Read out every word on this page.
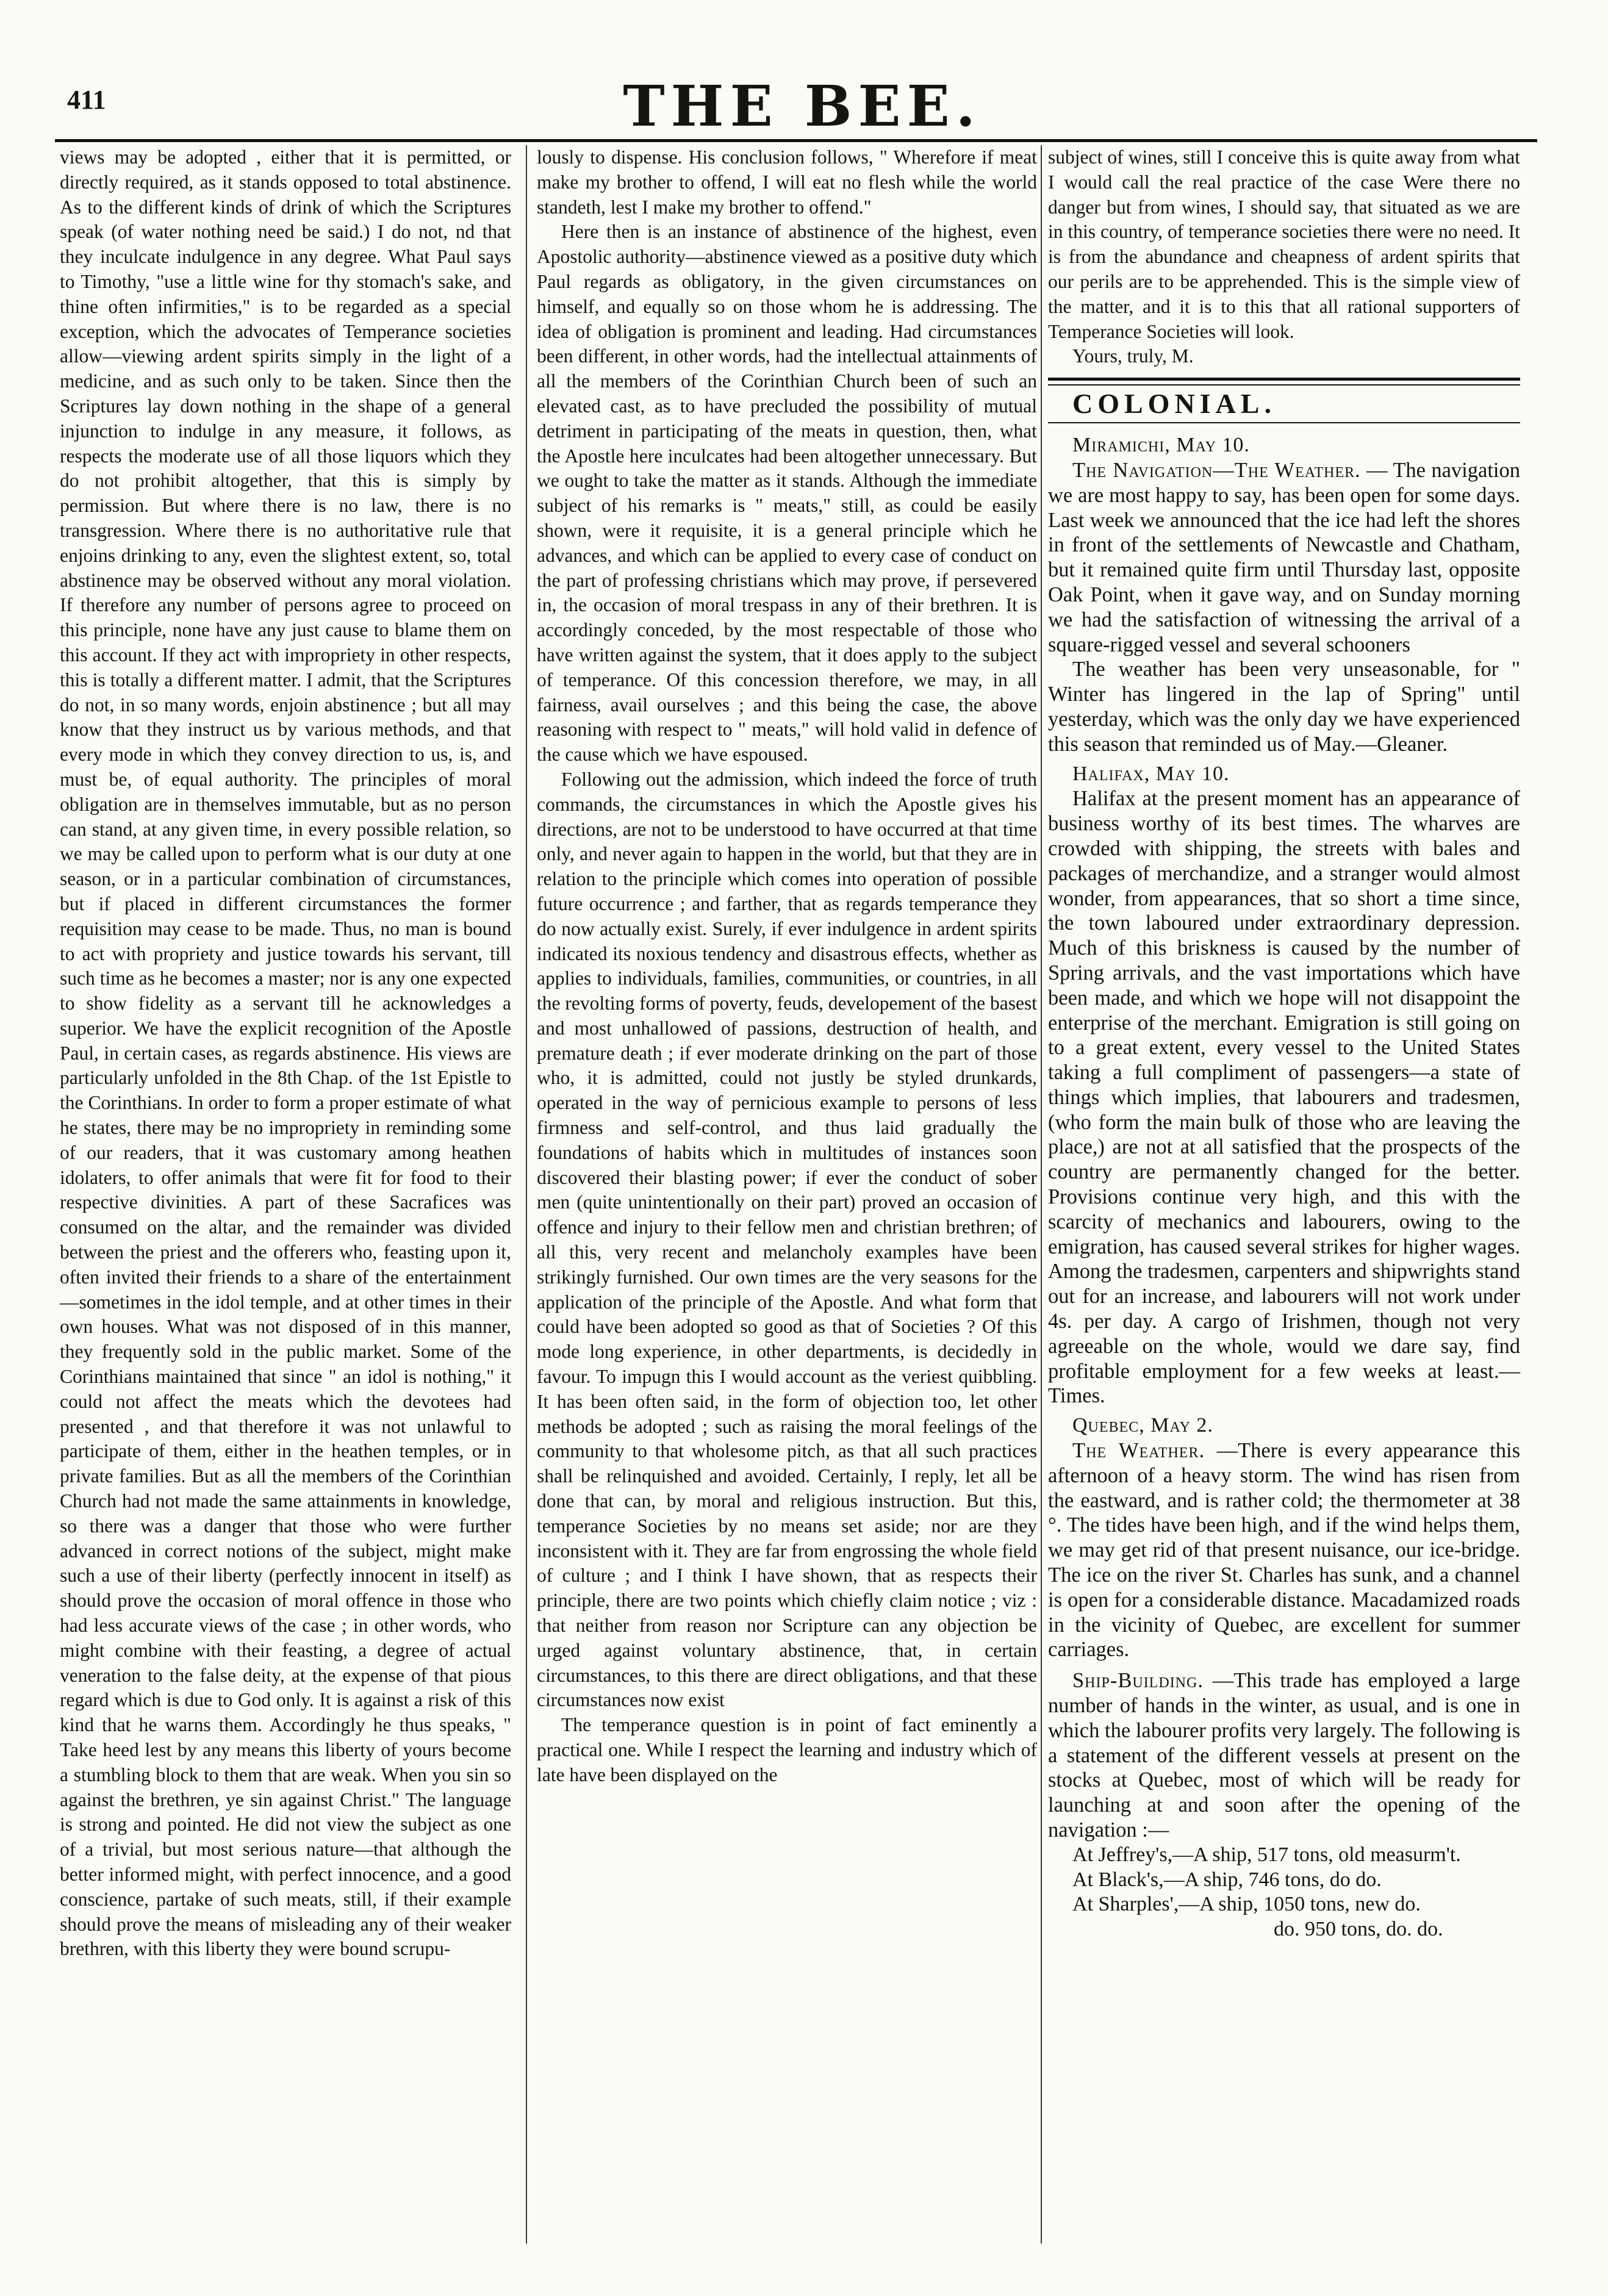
411	THE BEE.

views may be adopted , either that it is permitted, or directly required, as it stands opposed to total abstinence. As to the different kinds of drink of which the Scriptures speak (of water nothing need be said.) I do not, nd that they inculcate indulgence in any degree. What Paul says to Timothy, "use a little wine for thy stomach's sake, and thine often infirmities," is to be regarded as a special exception, which the advocates of Temperance societies allow—viewing ardent spirits simply in the light of a medicine, and as such only to be taken. Since then the Scriptures lay down nothing in the shape of a general injunction to indulge in any measure, it follows, as respects the moderate use of all those liquors which they do not prohibit altogether, that this is simply by permission. But where there is no law, there is no transgression. Where there is no authoritative rule that enjoins drinking to any, even the slightest extent, so, total abstinence may be observed without any moral violation. If therefore any number of persons agree to proceed on this principle, none have any just cause to blame them on this account. If they act with impropriety in other respects, this is totally a different matter. I admit, that the Scriptures do not, in so many words, enjoin abstinence ; but all may know that they instruct us by various methods, and that every mode in which they convey direction to us, is, and must be, of equal authority. The principles of moral obligation are in themselves immutable, but as no person can stand, at any given time, in every possible relation, so we may be called upon to perform what is our duty at one season, or in a particular combination of circumstances, but if placed in different circumstances the former requisition may cease to be made. Thus, no man is bound to act with propriety and justice towards his servant, till such time as he becomes a master; nor is any one expected to show fidelity as a servant till he acknowledges a superior. We have the explicit recognition of the Apostle Paul, in certain cases, as regards abstinence. His views are particularly unfolded in the 8th Chap. of the 1st Epistle to the Corinthians. In order to form a proper estimate of what he states, there may be no impropriety in reminding some of our readers, that it was customary among heathen idolaters, to offer animals that were fit for food to their respective divinities. A part of these Sacrafices was consumed on the altar, and the remainder was divided between the priest and the offerers who, feasting upon it, often invited their friends to a share of the entertainment—sometimes in the idol temple, and at other times in their own houses. What was not disposed of in this manner, they frequently sold in the public market. Some of the Corinthians maintained that since " an idol is nothing," it could not affect the meats which the devotees had presented , and that therefore it was not unlawful to participate of them, either in the heathen temples, or in private families. But as all the members of the Corinthian Church had not made the same attainments in knowledge, so there was a danger that those who were further advanced in correct notions of the subject, might make such a use of their liberty (perfectly innocent in itself) as should prove the occasion of moral offence in those who had less accurate views of the case ; in other words, who might combine with their feasting, a degree of actual veneration to the false deity, at the expense of that pious regard which is due to God only. It is against a risk of this kind that he warns them. Accordingly he thus speaks, " Take heed lest by any means this liberty of yours become a stumbling block to them that are weak. When you sin so against the brethren, ye sin against Christ." The language is strong and pointed. He did not view the subject as one of a trivial, but most serious nature—that although the better informed might, with perfect innocence, and a good conscience, partake of such meats, still, if their example should prove the means of misleading any of their weaker brethren, with this liberty they were bound scrupu-

lously to dispense. His conclusion follows, " Wherefore if meat make my brother to offend, I will eat no flesh while the world standeth, lest I make my brother to offend."

Here then is an instance of abstinence of the highest, even Apostolic authority—abstinence viewed as a positive duty which Paul regards as obligatory, in the given circumstances on himself, and equally so on those whom he is addressing. The idea of obligation is prominent and leading. Had circumstances been different, in other words, had the intellectual attainments of all the members of the Corinthian Church been of such an elevated cast, as to have precluded the possibility of mutual detriment in participating of the meats in question, then, what the Apostle here inculcates had been altogether unnecessary. But we ought to take the matter as it stands. Although the immediate subject of his remarks is " meats," still, as could be easily shown, were it requisite, it is a general principle which he advances, and which can be applied to every case of conduct on the part of professing christians which may prove, if persevered in, the occasion of moral trespass in any of their brethren. It is accordingly conceded, by the most respectable of those who have written against the system, that it does apply to the subject of temperance. Of this concession therefore, we may, in all fairness, avail ourselves ; and this being the case, the above reasoning with respect to " meats," will hold valid in defence of the cause which we have espoused.

Following out the admission, which indeed the force of truth commands, the circumstances in which the Apostle gives his directions, are not to be understood to have occurred at that time only, and never again to happen in the world, but that they are in relation to the principle which comes into operation of possible future occurrence ; and farther, that as regards temperance they do now actually exist. Surely, if ever indulgence in ardent spirits indicated its noxious tendency and disastrous effects, whether as applies to individuals, families, communities, or countries, in all the revolting forms of poverty, feuds, developement of the basest and most unhallowed of passions, destruction of health, and premature death ; if ever moderate drinking on the part of those who, it is admitted, could not justly be styled drunkards, operated in the way of pernicious example to persons of less firmness and self-control, and thus laid gradually the foundations of habits which in multitudes of instances soon discovered their blasting power; if ever the conduct of sober men (quite unintentionally on their part) proved an occasion of offence and injury to their fellow men and christian brethren; of all this, very recent and melancholy examples have been strikingly furnished. Our own times are the very seasons for the application of the principle of the Apostle. And what form that could have been adopted so good as that of Societies ? Of this mode long experience, in other departments, is decidedly in favour. To impugn this I would account as the veriest quibbling. It has been often said, in the form of objection too, let other methods be adopted ; such as raising the moral feelings of the community to that wholesome pitch, as that all such practices shall be relinquished and avoided. Certainly, I reply, let all be done that can, by moral and religious instruction. But this, temperance Societies by no means set aside; nor are they inconsistent with it. They are far from engrossing the whole field of culture ; and I think I have shown, that as respects their principle, there are two points which chiefly claim notice ; viz : that neither from reason nor Scripture can any objection be urged against voluntary abstinence, that, in certain circumstances, to this there are direct obligations, and that these circumstances now exist

The temperance question is in point of fact eminently a practical one. While I respect the learning and industry which of late have been displayed on the

subject of wines, still I conceive this is quite away from what I would call the real practice of the case Were there no danger but from wines, I should say, that situated as we are in this country, of temperance societies there were no need. It is from the abundance and cheapness of ardent spirits that our perils are to be apprehended. This is the simple view of the matter, and it is to this that all rational supporters of Temperance Societies will look.

Yours, truly, M.

COLONIAL.

Miramichi, May 10.

The Navigation—The Weather. — The navigation we are most happy to say, has been open for some days. Last week we announced that the ice had left the shores in front of the settlements of Newcastle and Chatham, but it remained quite firm until Thursday last, opposite Oak Point, when it gave way, and on Sunday morning we had the satisfaction of witnessing the arrival of a square-rigged vessel and several schooners

The weather has been very unseasonable, for " Winter has lingered in the lap of Spring" until yesterday, which was the only day we have experienced this season that reminded us of May.—Gleaner.

Halifax, May 10.

Halifax at the present moment has an appearance of business worthy of its best times. The wharves are crowded with shipping, the streets with bales and packages of merchandize, and a stranger would almost wonder, from appearances, that so short a time since, the town laboured under extraordinary depression. Much of this briskness is caused by the number of Spring arrivals, and the vast importations which have been made, and which we hope will not disappoint the enterprise of the merchant. Emigration is still going on to a great extent, every vessel to the United States taking a full compliment of passengers—a state of things which implies, that labourers and tradesmen, (who form the main bulk of those who are leaving the place,) are not at all satisfied that the prospects of the country are permanently changed for the better. Provisions continue very high, and this with the scarcity of mechanics and labourers, owing to the emigration, has caused several strikes for higher wages. Among the tradesmen, carpenters and shipwrights stand out for an increase, and labourers will not work under 4s. per day. A cargo of Irishmen, though not very agreeable on the whole, would we dare say, find profitable employment for a few weeks at least.—Times.

Quebec, May 2.

The Weather. —There is every appearance this afternoon of a heavy storm. The wind has risen from the eastward, and is rather cold; the thermometer at 38 °. The tides have been high, and if the wind helps them, we may get rid of that present nuisance, our ice-bridge. The ice on the river St. Charles has sunk, and a channel is open for a considerable distance. Macadamized roads in the vicinity of Quebec, are excellent for summer carriages.

Ship-Building. —This trade has employed a large number of hands in the winter, as usual, and is one in which the labourer profits very largely. The following is a statement of the different vessels at present on the stocks at Quebec, most of which will be ready for launching at and soon after the opening of the navigation :—

At Jeffrey's,—A ship, 517 tons, old measurm't.

At Black's,—A ship, 746 tons, do do.

At Sharples',—A ship, 1050 tons, new do.

do. 950 tons, do. do.
